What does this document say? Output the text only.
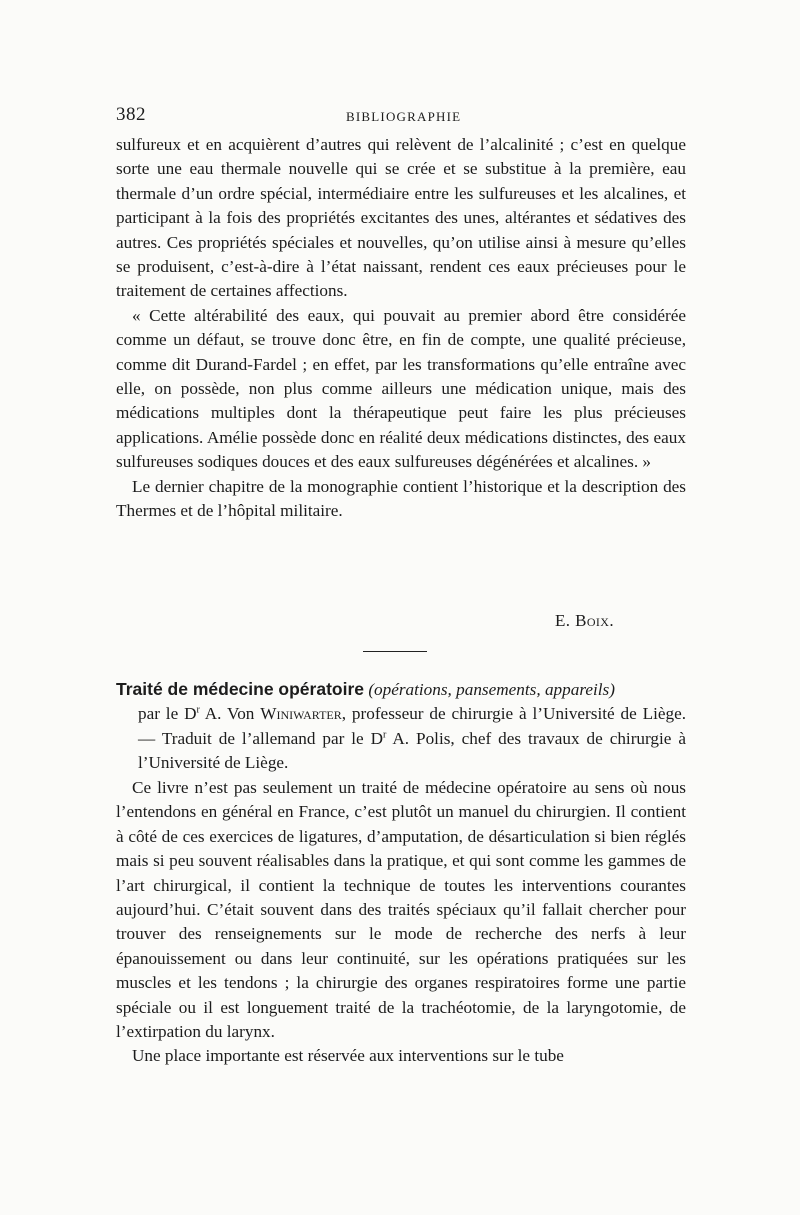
382	BIBLIOGRAPHIE

sulfureux et en acquièrent d’autres qui relèvent de l’alcalinité ; c’est en quelque sorte une eau thermale nouvelle qui se crée et se substitue à la première, eau thermale d’un ordre spécial, intermédiaire entre les sulfureuses et les alcalines, et participant à la fois des propriétés excitantes des unes, altérantes et sédatives des autres. Ces propriétés spéciales et nouvelles, qu’on utilise ainsi à mesure qu’elles se produisent, c’est-à-dire à l’état naissant, rendent ces eaux précieuses pour le traitement de certaines affections.

« Cette altérabilité des eaux, qui pouvait au premier abord être considérée comme un défaut, se trouve donc être, en fin de compte, une qualité précieuse, comme dit Durand-Fardel ; en effet, par les transformations qu’elle entraîne avec elle, on possède, non plus comme ailleurs une médication unique, mais des médications multiples dont la thérapeutique peut faire les plus précieuses applications. Amélie possède donc en réalité deux médications distinctes, des eaux sulfureuses sodiques douces et des eaux sulfureuses dégénérées et alcalines. »

Le dernier chapitre de la monographie contient l’historique et la description des Thermes et de l’hôpital militaire.

E. Boix.
Traité de médecine opératoire (opérations, pansements, appareils)
par le $D^r$ A. Von Winiwarter, professeur de chirurgie à l’Université de Liège. — Traduit de l’allemand par le $D^r$ A. Polis, chef des travaux de chirurgie à l’Université de Liège.

Ce livre n’est pas seulement un traité de médecine opératoire au sens où nous l’entendons en général en France, c’est plutôt un manuel du chirurgien. Il contient à côté de ces exercices de ligatures, d’amputation, de désarticulation si bien réglés mais si peu souvent réalisables dans la pratique, et qui sont comme les gammes de l’art chirurgical, il contient la technique de toutes les interventions courantes aujourd’hui. C’était souvent dans des traités spéciaux qu’il fallait chercher pour trouver des renseignements sur le mode de recherche des nerfs à leur épanouissement ou dans leur continuité, sur les opérations pratiquées sur les muscles et les tendons ; la chirurgie des organes respiratoires forme une partie spéciale ou il est longuement traité de la trachéotomie, de la laryngotomie, de l’extirpation du larynx.

Une place importante est réservée aux interventions sur le tube
